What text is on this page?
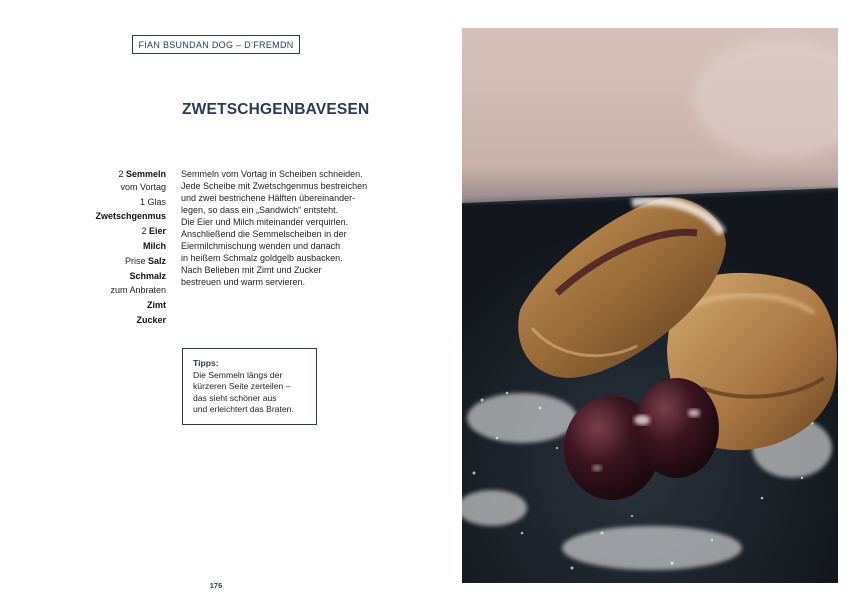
FIAN BSUNDAN DOG – D’FREMDN
ZWETSCHGENBAVESEN
2 Semmeln
vom Vortag
1 Glas
Zwetschgenmus
2 Eier
Milch
Prise Salz
Schmalz
zum Anbraten
Zimt
Zucker
Semmeln vom Vortag in Scheiben schneiden.
Jede Scheibe mit Zwetschgenmus bestreichen
und zwei bestrichene Hälften übereinander-
legen, so dass ein „Sandwich“ entsteht.
Die Eier und Milch miteinander verquirlen.
Anschließend die Semmelscheiben in der
Eiermilchmischung wenden und danach
in heißem Schmalz goldgelb ausbacken.
Nach Belieben mit Zimt und Zucker
bestreuen und warm servieren.
Tipps:
Die Semmeln längs der
kürzeren Seite zerteilen –
das sieht schöner aus
und erleichtert das Braten.
176
